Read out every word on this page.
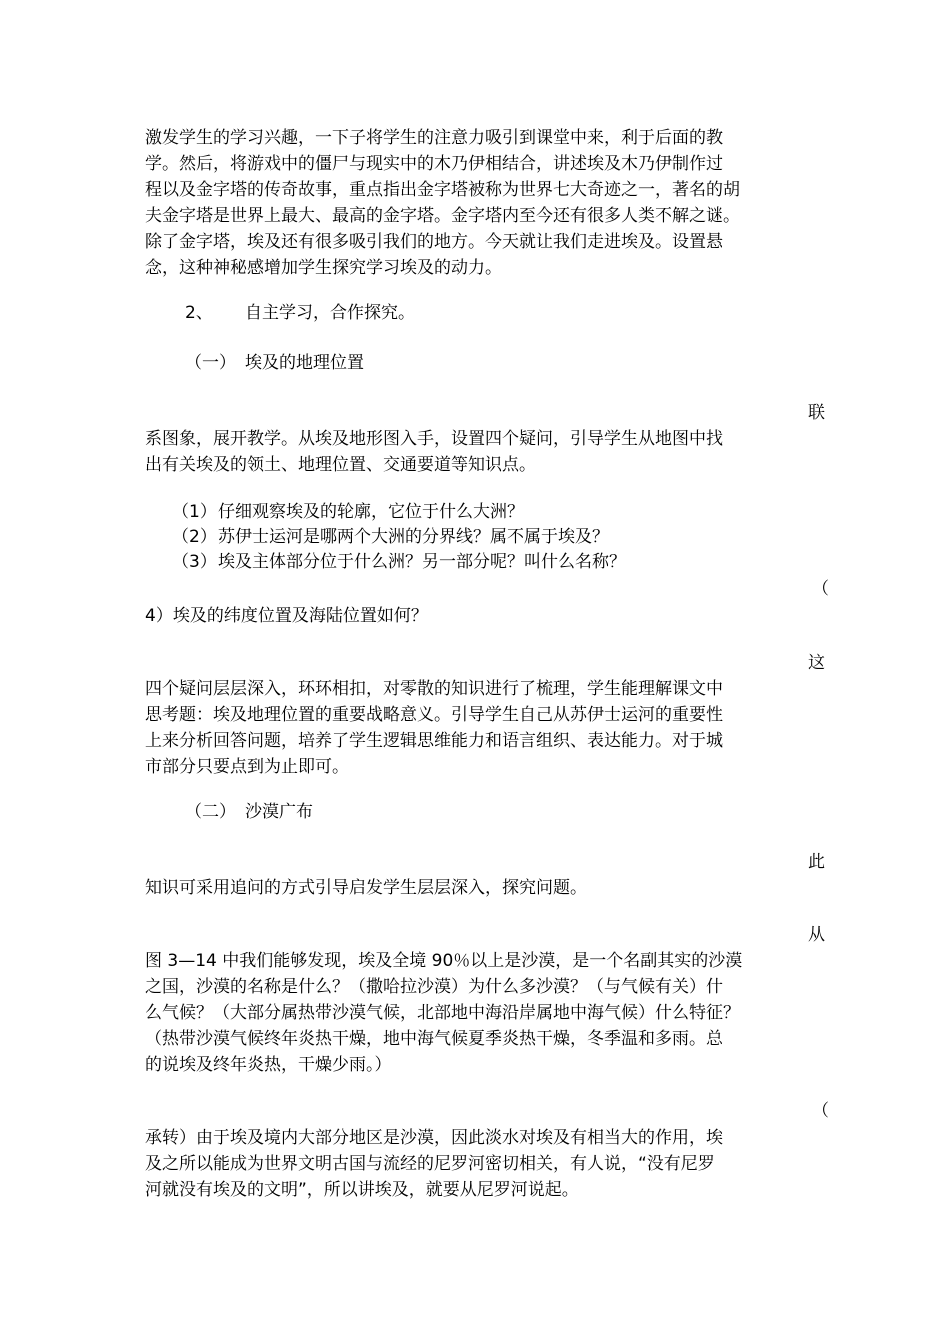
激发学生的学习兴趣，一下子将学生的注意力吸引到课堂中来，利于后面的教
学。然后，将游戏中的僵尸与现实中的木乃伊相结合，讲述埃及木乃伊制作过
程以及金字塔的传奇故事，重点指出金字塔被称为世界七大奇迹之一，著名的胡
夫金字塔是世界上最大、最高的金字塔。金字塔内至今还有很多人类不解之谜。
除了金字塔，埃及还有很多吸引我们的地方。今天就让我们走进埃及。设置悬
念，这种神秘感增加学生探究学习埃及的动力。
2、 自主学习，合作探究。
（一） 埃及的地理位置
联
系图象，展开教学。从埃及地形图入手，设置四个疑问，引导学生从地图中找
出有关埃及的领土、地理位置、交通要道等知识点。
（1）仔细观察埃及的轮廓，它位于什么大洲？
（2）苏伊士运河是哪两个大洲的分界线？属不属于埃及？
（3）埃及主体部分位于什么洲？另一部分呢？叫什么名称？
（
4）埃及的纬度位置及海陆位置如何？
这
四个疑问层层深入，环环相扣，对零散的知识进行了梳理，学生能理解课文中
思考题：埃及地理位置的重要战略意义。引导学生自己从苏伊士运河的重要性
上来分析回答问题，培养了学生逻辑思维能力和语言组织、表达能力。对于城
市部分只要点到为止即可。
（二） 沙漠广布
此
知识可采用追问的方式引导启发学生层层深入，探究问题。
从
图 3—14 中我们能够发现，埃及全境 90％以上是沙漠，是一个名副其实的沙漠
之国，沙漠的名称是什么？（撒哈拉沙漠）为什么多沙漠？（与气候有关）什
么气候？（大部分属热带沙漠气候，北部地中海沿岸属地中海气候）什么特征？
（热带沙漠气候终年炎热干燥，地中海气候夏季炎热干燥，冬季温和多雨。总
的说埃及终年炎热，干燥少雨。）
（
承转）由于埃及境内大部分地区是沙漠，因此淡水对埃及有相当大的作用，埃
及之所以能成为世界文明古国与流经的尼罗河密切相关，有人说，“没有尼罗
河就没有埃及的文明”，所以讲埃及，就要从尼罗河说起。
